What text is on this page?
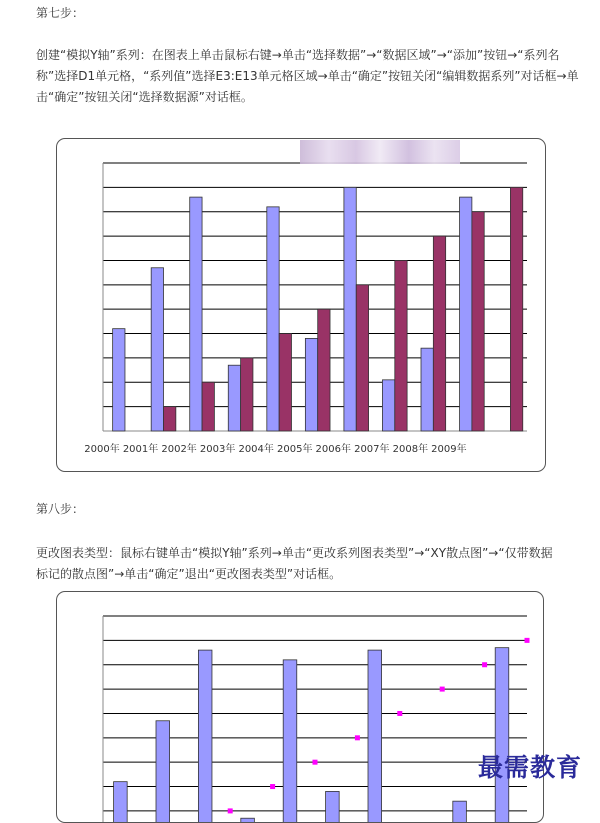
第七步：
创建“模拟Y轴”系列：在图表上单击鼠标右键→单击“选择数据”→“数据区域”→“添加”按钮→“系列名
称”选择D1单元格，“系列值”选择E3:E13单元格区域→单击“确定”按钮关闭“编辑数据系列”对话框→单
击“确定”按钮关闭“选择数据源”对话框。
2000年 2001年 2002年 2003年 2004年 2005年 2006年 2007年 2008年 2009年
第八步：
更改图表类型：鼠标右键单击“模拟Y轴”系列→单击“更改系列图表类型”→“XY散点图”→“仅带数据
标记的散点图”→单击“确定”退出“更改图表类型”对话框。
最需教育
